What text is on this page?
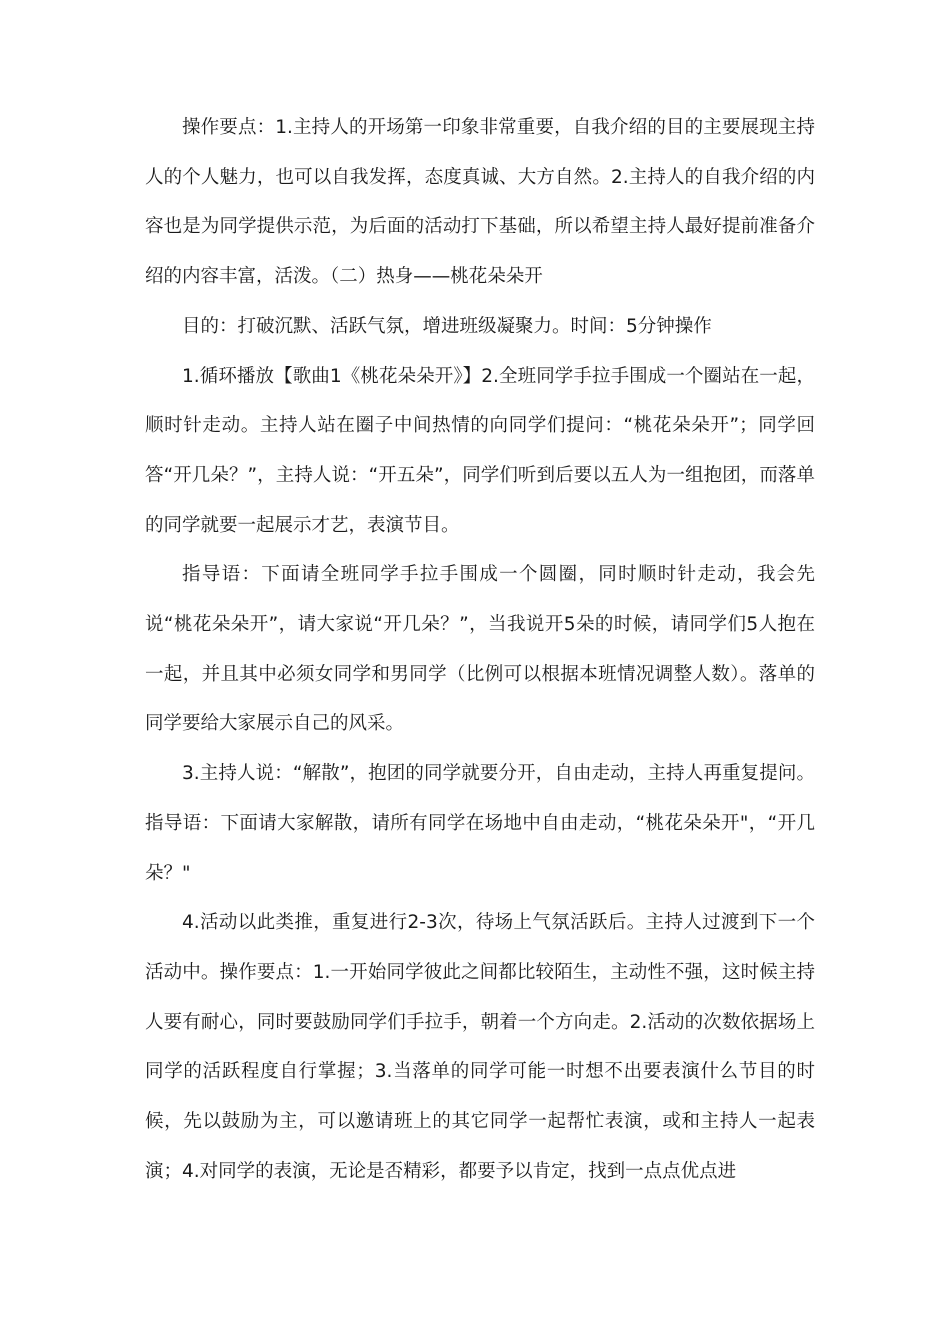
操作要点：1.主持人的开场第一印象非常重要，自我介绍的目的主要展现主持人的个人魅力，也可以自我发挥，态度真诚、大方自然。2.主持人的自我介绍的内容也是为同学提供示范，为后面的活动打下基础，所以希望主持人最好提前准备介绍的内容丰富，活泼。（二）热身——桃花朵朵开

目的：打破沉默、活跃气氛，增进班级凝聚力。时间：5分钟操作

1.循环播放【歌曲1《桃花朵朵开》】2.全班同学手拉手围成一个圈站在一起，顺时针走动。主持人站在圈子中间热情的向同学们提问：“桃花朵朵开”；同学回答“开几朵？”，主持人说：“开五朵”，同学们听到后要以五人为一组抱团，而落单的同学就要一起展示才艺，表演节目。

指导语：下面请全班同学手拉手围成一个圆圈，同时顺时针走动，我会先说“桃花朵朵开”，请大家说“开几朵？”，当我说开5朵的时候，请同学们5人抱在一起，并且其中必须女同学和男同学（比例可以根据本班情况调整人数）。落单的同学要给大家展示自己的风采。

3.主持人说：“解散”，抱团的同学就要分开，自由走动，主持人再重复提问。指导语：下面请大家解散，请所有同学在场地中自由走动，“桃花朵朵开"，“开几朵？"

4.活动以此类推，重复进行2-3次，待场上气氛活跃后。主持人过渡到下一个活动中。操作要点：1.一开始同学彼此之间都比较陌生，主动性不强，这时候主持人要有耐心，同时要鼓励同学们手拉手，朝着一个方向走。2.活动的次数依据场上同学的活跃程度自行掌握；3.当落单的同学可能一时想不出要表演什么节目的时候，先以鼓励为主，可以邀请班上的其它同学一起帮忙表演，或和主持人一起表演；4.对同学的表演，无论是否精彩，都要予以肯定，找到一点点优点进
